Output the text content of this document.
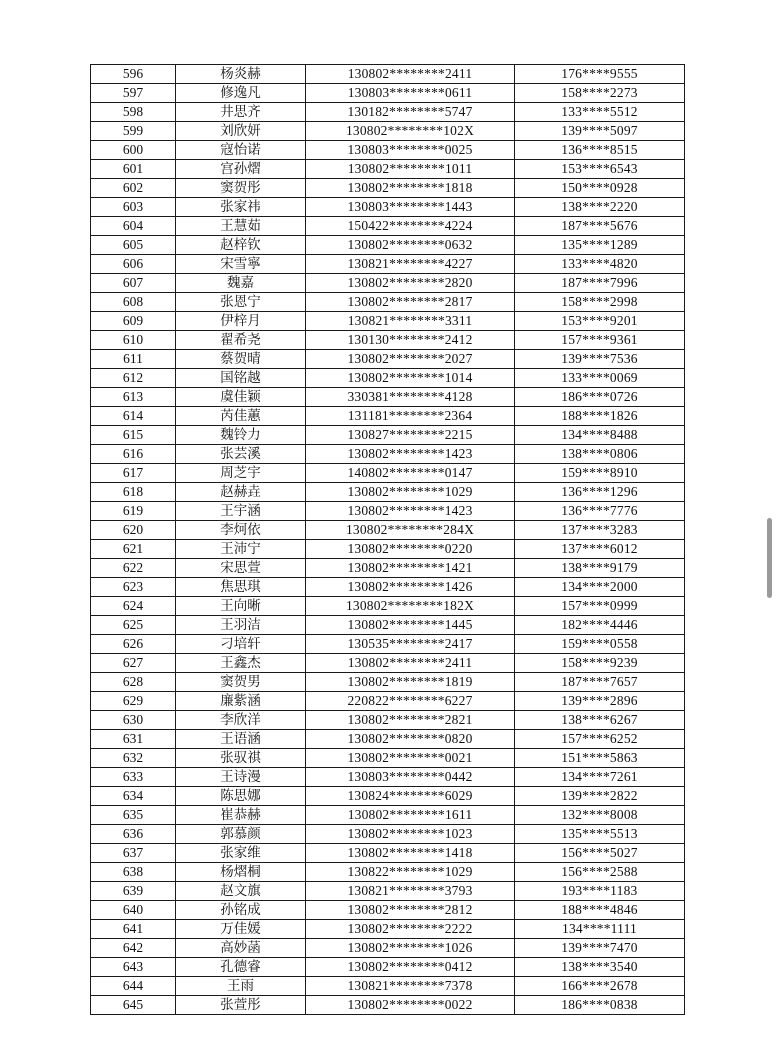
596	杨炎赫	130802********2411	176****9555
597	修逸凡	130803********0611	158****2273
598	井思齐	130182********5747	133****5512
599	刘欣妍	130802********102X	139****5097
600	寇怡诺	130803********0025	136****8515
601	宫孙熠	130802********1011	153****6543
602	窦贺彤	130802********1818	150****0928
603	张家祎	130803********1443	138****2220
604	王慧茹	150422********4224	187****5676
605	赵梓钦	130802********0632	135****1289
606	宋雪寧	130821********4227	133****4820
607	魏嘉	130802********2820	187****7996
608	张恩宁	130802********2817	158****2998
609	伊梓月	130821********3311	153****9201
610	翟希尧	130130********2412	157****9361
611	蔡贺晴	130802********2027	139****7536
612	国铭越	130802********1014	133****0069
613	虞佳颖	330381********4128	186****0726
614	芮佳蕙	131181********2364	188****1826
615	魏铃力	130827********2215	134****8488
616	张芸溪	130802********1423	138****0806
617	周芝宇	140802********0147	159****8910
618	赵赫垚	130802********1029	136****1296
619	王宇涵	130802********1423	136****7776
620	李炣依	130802********284X	137****3283
621	王沛宁	130802********0220	137****6012
622	宋思萱	130802********1421	138****9179
623	焦思琪	130802********1426	134****2000
624	王向晰	130802********182X	157****0999
625	王羽洁	130802********1445	182****4446
626	刁培轩	130535********2417	159****0558
627	王鑫杰	130802********2411	158****9239
628	窦贺男	130802********1819	187****7657
629	廉紫涵	220822********6227	139****2896
630	李欣洋	130802********2821	138****6267
631	王语涵	130802********0820	157****6252
632	张驭祺	130802********0021	151****5863
633	王诗漫	130803********0442	134****7261
634	陈思娜	130824********6029	139****2822
635	崔恭赫	130802********1611	132****8008
636	郭慕颜	130802********1023	135****5513
637	张家维	130802********1418	156****5027
638	杨熠桐	130822********1029	156****2588
639	赵文旗	130821********3793	193****1183
640	孙铭成	130802********2812	188****4846
641	万佳媛	130802********2222	134****1111
642	高妙菡	130802********1026	139****7470
643	孔德睿	130802********0412	138****3540
644	王雨	130821********7378	166****2678
645	张萱彤	130802********0022	186****0838
